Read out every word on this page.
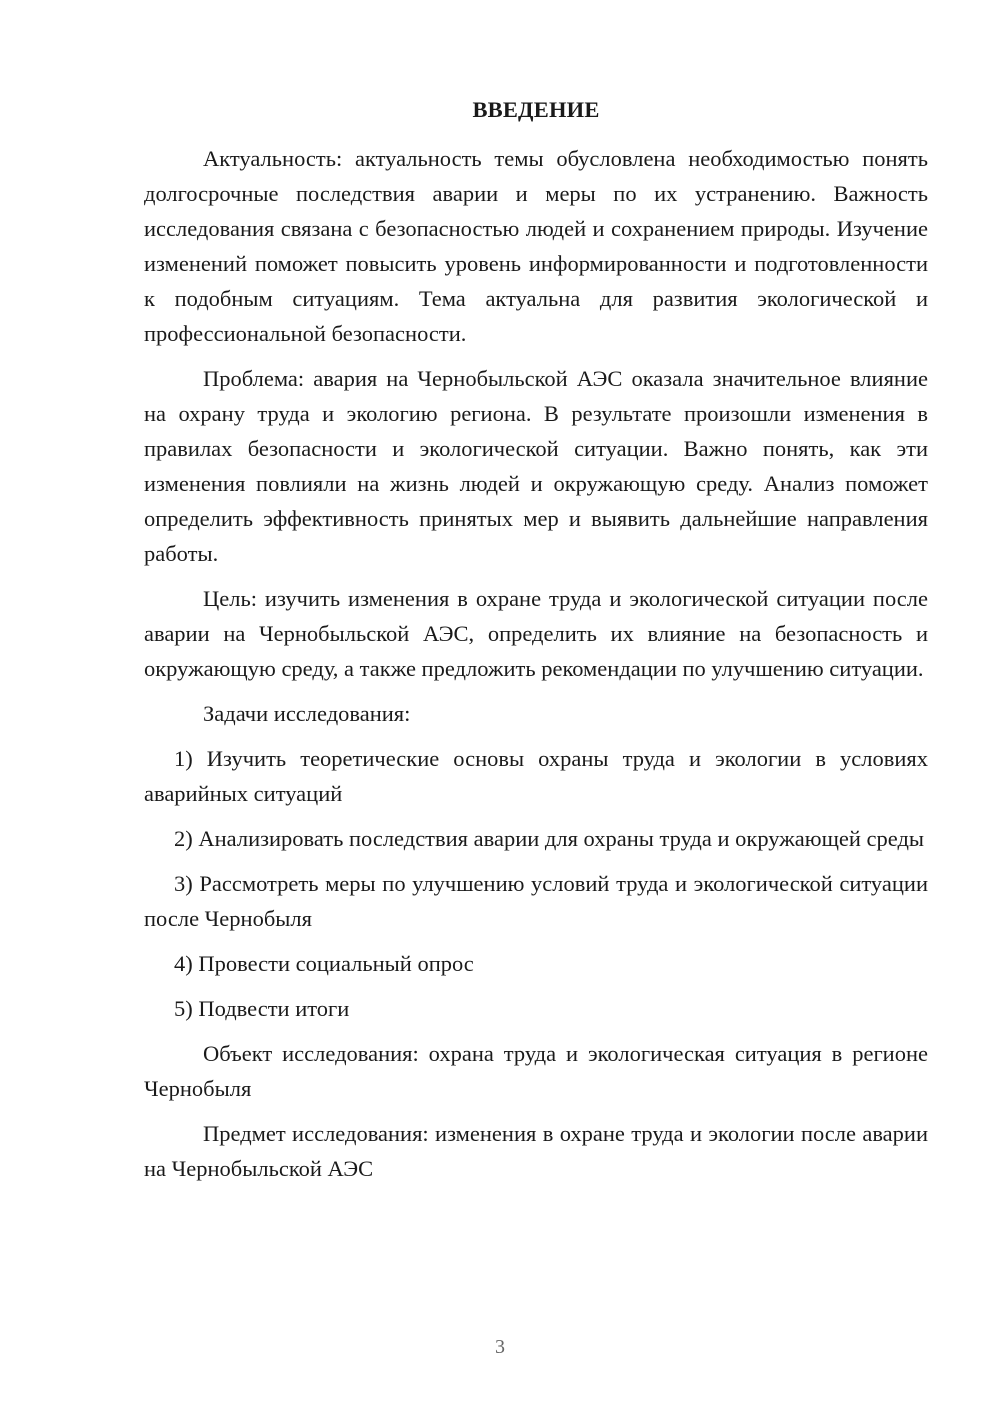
ВВЕДЕНИЕ

Актуальность: актуальность темы обусловлена необходимостью понять долгосрочные последствия аварии и меры по их устранению. Важность исследования связана с безопасностью людей и сохранением природы. Изучение изменений поможет повысить уровень информированности и подготовленности к подобным ситуациям. Тема актуальна для развития экологической и профессиональной безопасности.

Проблема: авария на Чернобыльской АЭС оказала значительное влияние на охрану труда и экологию региона. В результате произошли изменения в правилах безопасности и экологической ситуации. Важно понять, как эти изменения повлияли на жизнь людей и окружающую среду. Анализ поможет определить эффективность принятых мер и выявить дальнейшие направления работы.

Цель: изучить изменения в охране труда и экологической ситуации после аварии на Чернобыльской АЭС, определить их влияние на безопасность и окружающую среду, а также предложить рекомендации по улучшению ситуации.

Задачи исследования:

1) Изучить теоретические основы охраны труда и экологии в условиях аварийных ситуаций

2) Анализировать последствия аварии для охраны труда и окружающей среды

3) Рассмотреть меры по улучшению условий труда и экологической ситуации после Чернобыля

4) Провести социальный опрос

5) Подвести итоги

Объект исследования: охрана труда и экологическая ситуация в регионе Чернобыля

Предмет исследования: изменения в охране труда и экологии после аварии на Чернобыльской АЭС

3
